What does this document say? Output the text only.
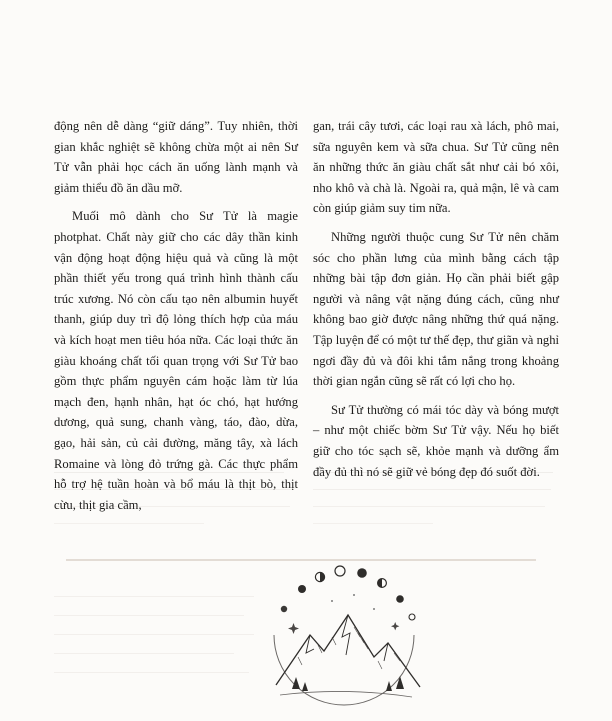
động nên dễ dàng “giữ dáng”. Tuy nhiên, thời gian khắc nghiệt sẽ không chừa một ai nên Sư Tử vẫn phải học cách ăn uống lành mạnh và giảm thiểu đồ ăn dầu mỡ.

Muối mô dành cho Sư Tử là magie photphat. Chất này giữ cho các dây thần kinh vận động hoạt động hiệu quả và cũng là một phần thiết yếu trong quá trình hình thành cấu trúc xương. Nó còn cấu tạo nên albumin huyết thanh, giúp duy trì độ lỏng thích hợp của máu và kích hoạt men tiêu hóa nữa. Các loại thức ăn giàu khoáng chất tối quan trọng với Sư Tử bao gồm thực phẩm nguyên cám hoặc làm từ lúa mạch đen, hạnh nhân, hạt óc chó, hạt hướng dương, quả sung, chanh vàng, táo, đào, dừa, gạo, hải sản, củ cải đường, măng tây, xà lách Romaine và lòng đỏ trứng gà. Các thực phẩm hỗ trợ hệ tuần hoàn và bổ máu là thịt bò, thịt cừu, thịt gia cầm,

gan, trái cây tươi, các loại rau xà lách, phô mai, sữa nguyên kem và sữa chua. Sư Tử cũng nên ăn những thức ăn giàu chất sắt như cải bó xôi, nho khô và chà là. Ngoài ra, quả mận, lê và cam còn giúp giảm suy tim nữa.

Những người thuộc cung Sư Tử nên chăm sóc cho phần lưng của mình bằng cách tập những bài tập đơn giản. Họ cần phải biết gập người và nâng vật nặng đúng cách, cũng như không bao giờ được nâng những thứ quá nặng. Tập luyện để có một tư thế đẹp, thư giãn và nghỉ ngơi đầy đủ và đôi khi tắm nắng trong khoảng thời gian ngắn cũng sẽ rất có lợi cho họ.

Sư Tử thường có mái tóc dày và bóng mượt – như một chiếc bờm Sư Tử vậy. Nếu họ biết giữ cho tóc sạch sẽ, khỏe mạnh và dưỡng ẩm đầy đủ thì nó sẽ giữ vẻ bóng đẹp đó suốt đời.
